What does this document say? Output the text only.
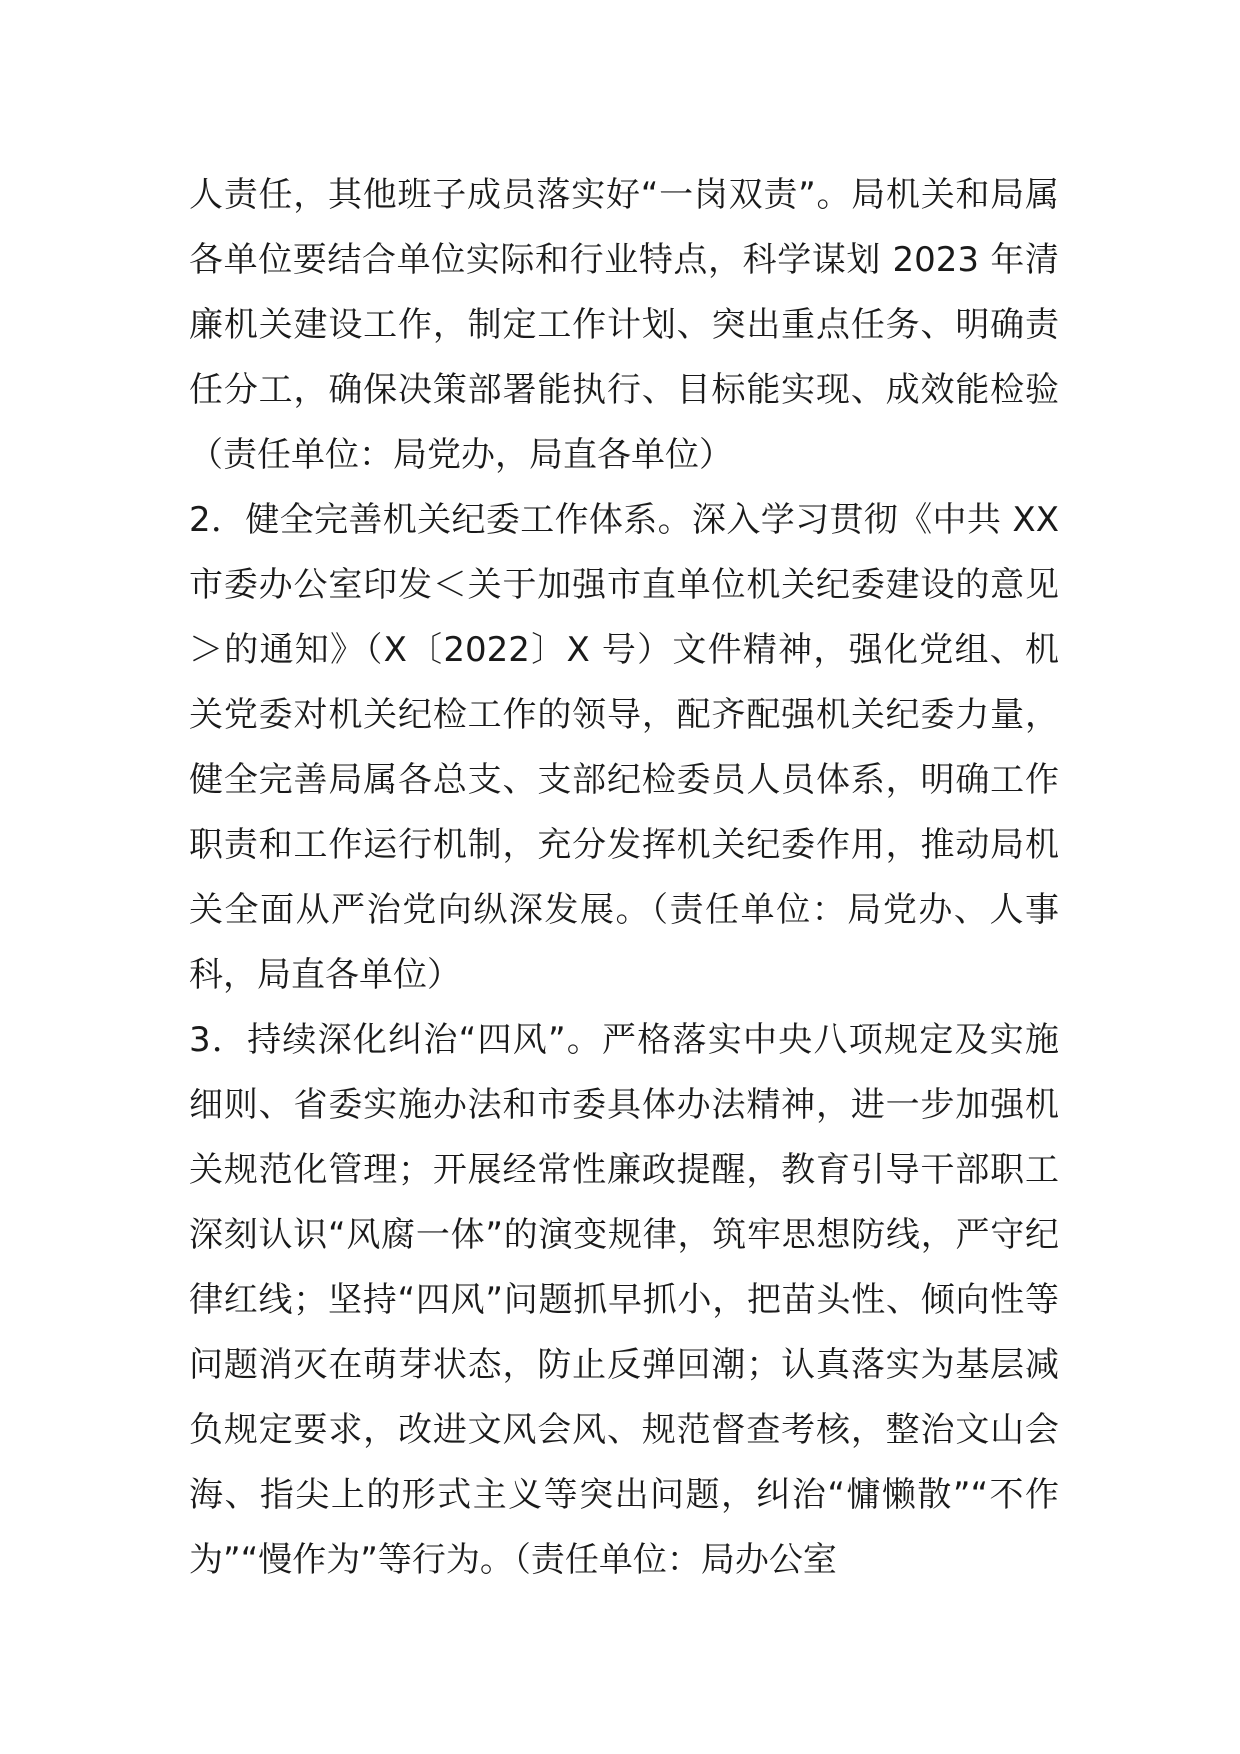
人责任，其他班子成员落实好“一岗双责”。局机关和局属各单位要结合单位实际和行业特点，科学谋划 2023 年清廉机关建设工作，制定工作计划、突出重点任务、明确责任分工，确保决策部署能执行、目标能实现、成效能检验（责任单位：局党办，局直各单位）

2．健全完善机关纪委工作体系。深入学习贯彻《中共 XX 市委办公室印发＜关于加强市直单位机关纪委建设的意见＞的通知》（X〔2022〕X 号）文件精神，强化党组、机关党委对机关纪检工作的领导，配齐配强机关纪委力量，健全完善局属各总支、支部纪检委员人员体系，明确工作职责和工作运行机制，充分发挥机关纪委作用，推动局机关全面从严治党向纵深发展。（责任单位：局党办、人事科，局直各单位）

3．持续深化纠治“四风”。严格落实中央八项规定及实施细则、省委实施办法和市委具体办法精神，进一步加强机关规范化管理；开展经常性廉政提醒，教育引导干部职工深刻认识“风腐一体”的演变规律，筑牢思想防线，严守纪律红线；坚持“四风”问题抓早抓小，把苗头性、倾向性等问题消灭在萌芽状态，防止反弹回潮；认真落实为基层减负规定要求，改进文风会风、规范督查考核，整治文山会海、指尖上的形式主义等突出问题，纠治“慵懒散”“不作为”“慢作为”等行为。（责任单位：局办公室
